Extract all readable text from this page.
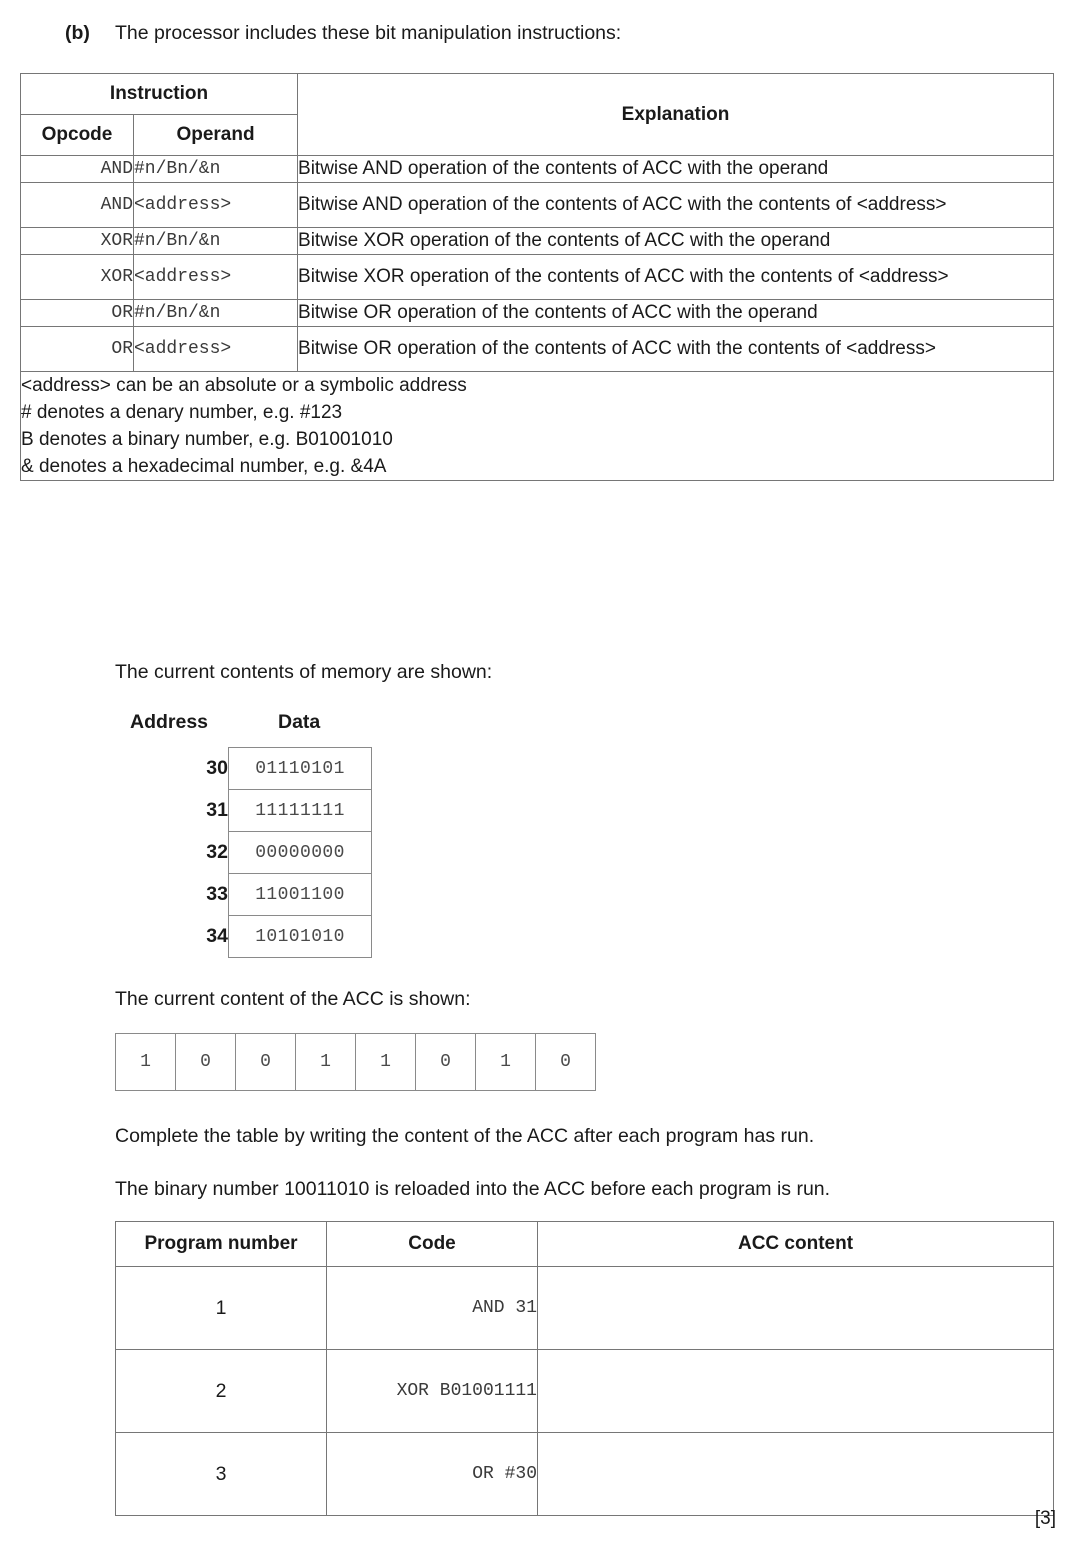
(b) The processor includes these bit manipulation instructions:
Instruction		Explanation
Opcode	Operand	
AND	#n/Bn/&n	Bitwise AND operation of the contents of ACC with the operand
AND	<address>	Bitwise AND operation of the contents of ACC with the contents of <address>
XOR	#n/Bn/&n	Bitwise XOR operation of the contents of ACC with the operand
XOR	<address>	Bitwise XOR operation of the contents of ACC with the contents of <address>
OR	#n/Bn/&n	Bitwise OR operation of the contents of ACC with the operand
OR	<address>	Bitwise OR operation of the contents of ACC with the contents of <address>

<address> can be an absolute or a symbolic address
# denotes a denary number, e.g. #123
B denotes a binary number, e.g. B01001010
& denotes a hexadecimal number, e.g. &4A		
The current contents of memory are shown:
Address	Data
30	01110101
31	11111111
32	00000000
33	11001100
34	10101010
The current content of the ACC is shown:
1	0	0	1	1	0	1	0
Complete the table by writing the content of the ACC after each program has run.
The binary number 10011010 is reloaded into the ACC before each program is run.
Program number	Code	ACC content
1	AND 31	
2	XOR B01001111	
3	OR #30	
[3]
